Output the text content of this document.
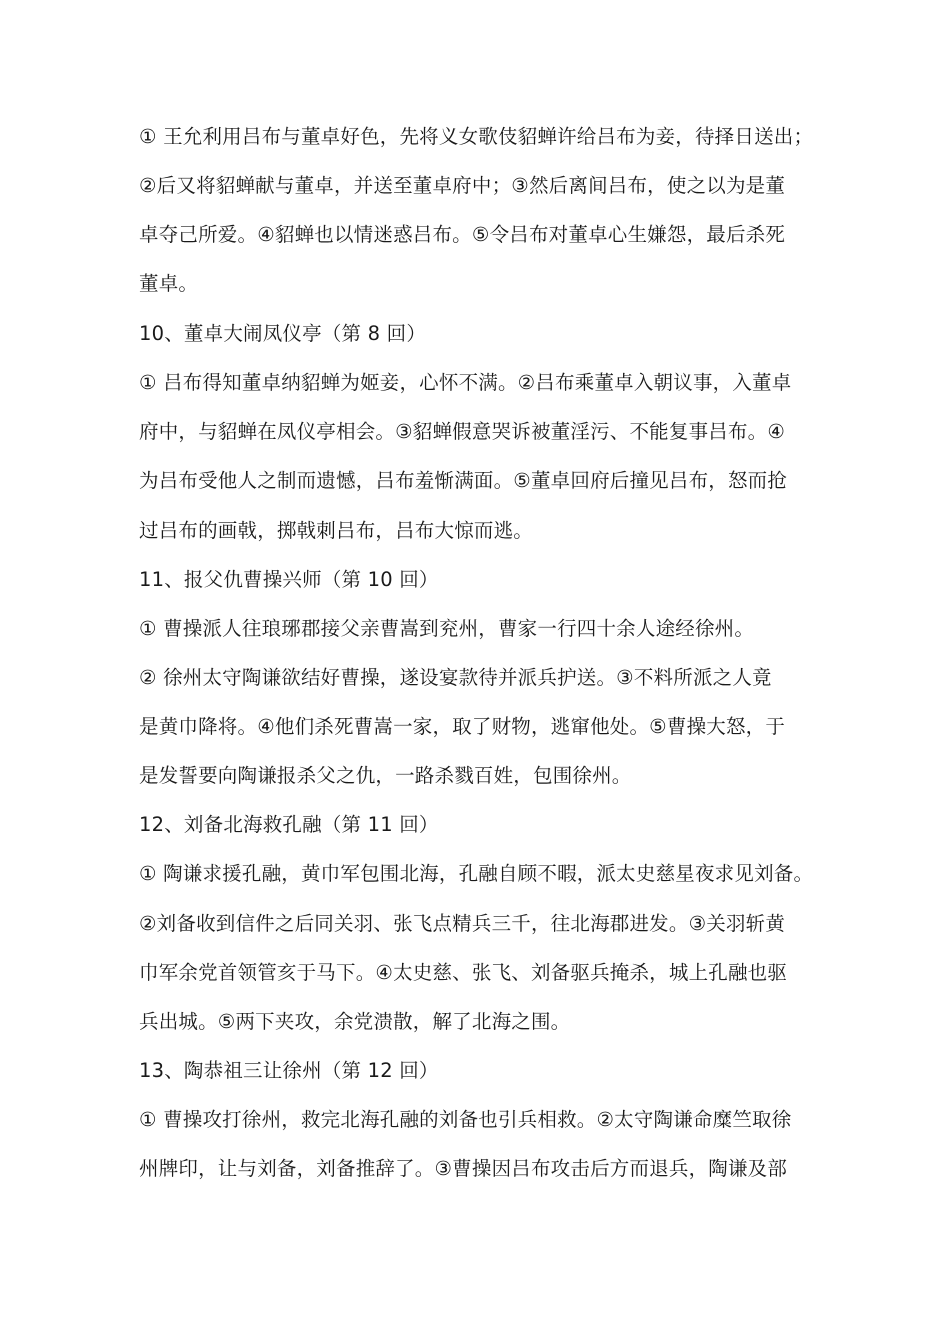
① 王允利用吕布与董卓好色，先将义女歌伎貂蝉许给吕布为妾，待择日送出；
②后又将貂蝉献与董卓，并送至董卓府中；③然后离间吕布，使之以为是董
卓夺己所爱。④貂蝉也以情迷惑吕布。⑤令吕布对董卓心生嫌怨，最后杀死
董卓。
10、董卓大闹凤仪亭（第 8 回）
① 吕布得知董卓纳貂蝉为姬妾，心怀不满。②吕布乘董卓入朝议事，入董卓
府中，与貂蝉在凤仪亭相会。③貂蝉假意哭诉被董淫污、不能复事吕布。④
为吕布受他人之制而遗憾，吕布羞惭满面。⑤董卓回府后撞见吕布，怒而抢
过吕布的画戟，掷戟刺吕布，吕布大惊而逃。
11、报父仇曹操兴师（第 10 回）
① 曹操派人往琅琊郡接父亲曹嵩到兖州，曹家一行四十余人途经徐州。
② 徐州太守陶谦欲结好曹操，遂设宴款待并派兵护送。③不料所派之人竟
是黄巾降将。④他们杀死曹嵩一家，取了财物，逃窜他处。⑤曹操大怒，于
是发誓要向陶谦报杀父之仇，一路杀戮百姓，包围徐州。
12、刘备北海救孔融（第 11 回）
① 陶谦求援孔融，黄巾军包围北海，孔融自顾不暇，派太史慈星夜求见刘备。
②刘备收到信件之后同关羽、张飞点精兵三千，往北海郡进发。③关羽斩黄
巾军余党首领管亥于马下。④太史慈、张飞、刘备驱兵掩杀，城上孔融也驱
兵出城。⑤两下夹攻，余党溃散，解了北海之围。
13、陶恭祖三让徐州（第 12 回）
① 曹操攻打徐州，救完北海孔融的刘备也引兵相救。②太守陶谦命糜竺取徐
州牌印，让与刘备，刘备推辞了。③曹操因吕布攻击后方而退兵，陶谦及部
